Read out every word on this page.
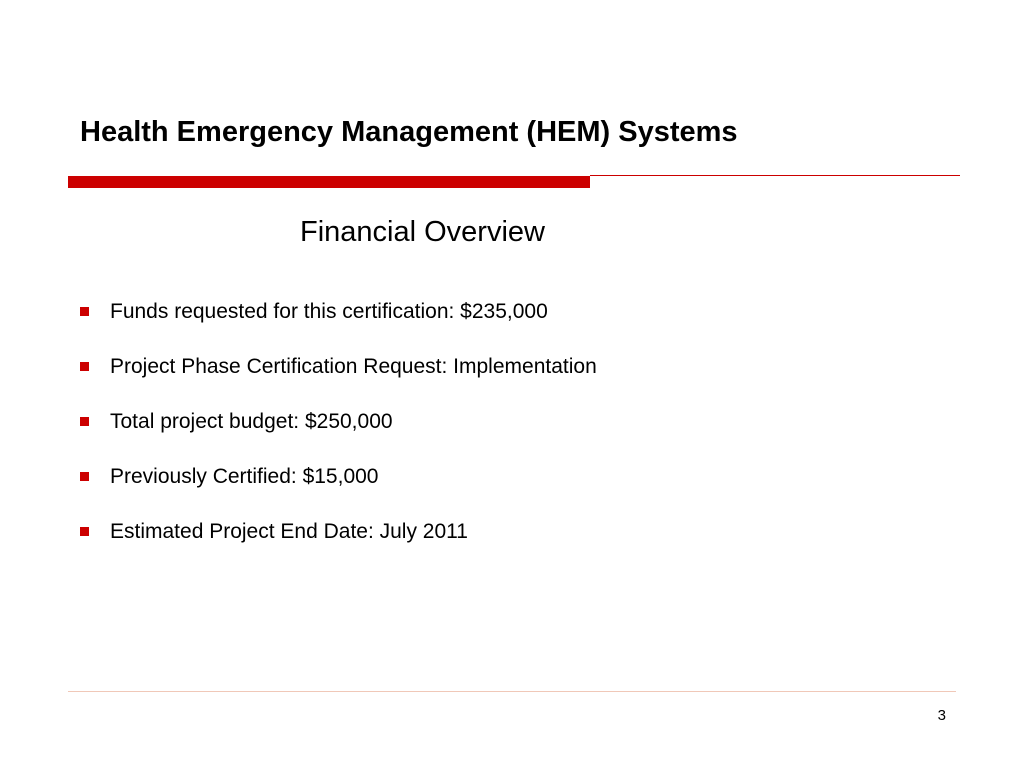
Health Emergency Management (HEM) Systems
Financial Overview
Funds requested for this certification: $235,000
Project Phase Certification Request: Implementation
Total project budget: $250,000
Previously Certified: $15,000
Estimated Project End Date: July 2011
3
